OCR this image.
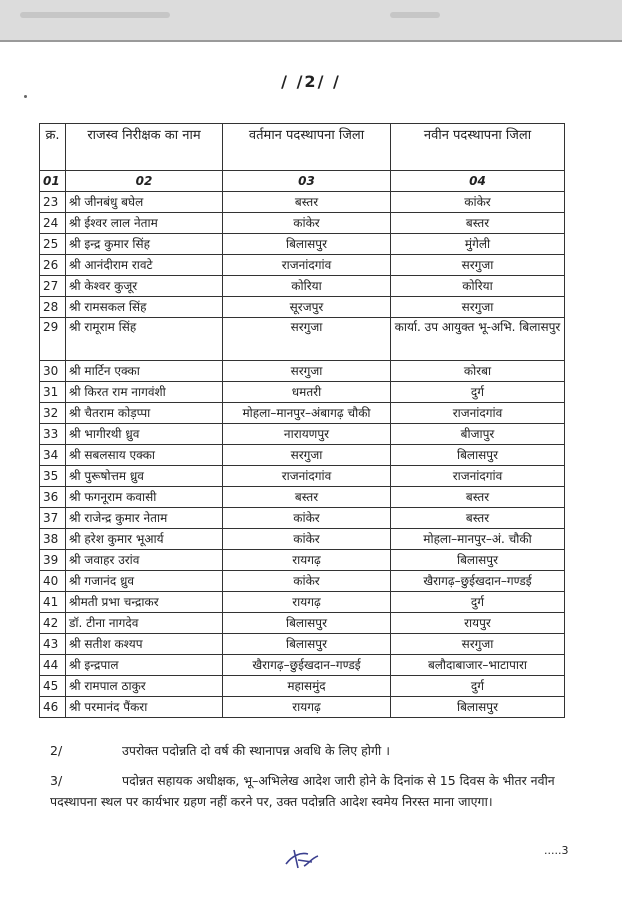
/ /2/ /
क्र.	राजस्व निरीक्षक का नाम	वर्तमान पदस्थापना जिला	नवीन पदस्थापना जिला
01	02	03	04
23	श्री जीनबंधु बघेल	बस्तर	कांकेर
24	श्री ईश्वर लाल नेताम	कांकेर	बस्तर
25	श्री इन्द्र कुमार सिंह	बिलासपुर	मुंगेली
26	श्री आनंदीराम रावटे	राजनांदगांव	सरगुजा
27	श्री केश्वर कुजूर	कोरिया	कोरिया
28	श्री रामसकल सिंह	सूरजपुर	सरगुजा
29	श्री रामूराम सिंह	सरगुजा	कार्या. उप आयुक्त भू-अभि. बिलासपुर
30	श्री मार्टिन एक्का	सरगुजा	कोरबा
31	श्री किरत राम नागवंशी	धमतरी	दुर्ग
32	श्री चैतराम कोड़प्पा	मोहला–मानपुर–अंबागढ़ चौकी	राजनांदगांव
33	श्री भागीरथी ध्रुव	नारायणपुर	बीजापुर
34	श्री सबलसाय एक्का	सरगुजा	बिलासपुर
35	श्री पुरूषोत्तम ध्रुव	राजनांदगांव	राजनांदगांव
36	श्री फगनूराम कवासी	बस्तर	बस्तर
37	श्री राजेन्द्र कुमार नेताम	कांकेर	बस्तर
38	श्री हरेश कुमार भूआर्य	कांकेर	मोहला–मानपुर–अं. चौकी
39	श्री जवाहर उरांव	रायगढ़	बिलासपुर
40	श्री गजानंद ध्रुव	कांकेर	खैरागढ़–छुईखदान–गण्डई
41	श्रीमती प्रभा चन्द्राकर	रायगढ़	दुर्ग
42	डॉ. टीना नागदेव	बिलासपुर	रायपुर
43	श्री सतीश कश्यप	बिलासपुर	सरगुजा
44	श्री इन्द्रपाल	खैरागढ़–छुईखदान–गण्डई	बलौदाबाजार–भाटापारा
45	श्री रामपाल ठाकुर	महासमुंद	दुर्ग
46	श्री परमानंद पैंकरा	रायगढ़	बिलासपुर
2/	उपरोक्त पदोन्नति दो वर्ष की स्थानापन्न अवधि के लिए होगी ।
3/	पदोन्नत सहायक अधीक्षक, भू–अभिलेख आदेश जारी होने के दिनांक से 15 दिवस के भीतर नवीन पदस्थापना स्थल पर कार्यभार ग्रहण नहीं करने पर, उक्त पदोन्नति आदेश स्वमेय निरस्त माना जाएगा।
.....3
